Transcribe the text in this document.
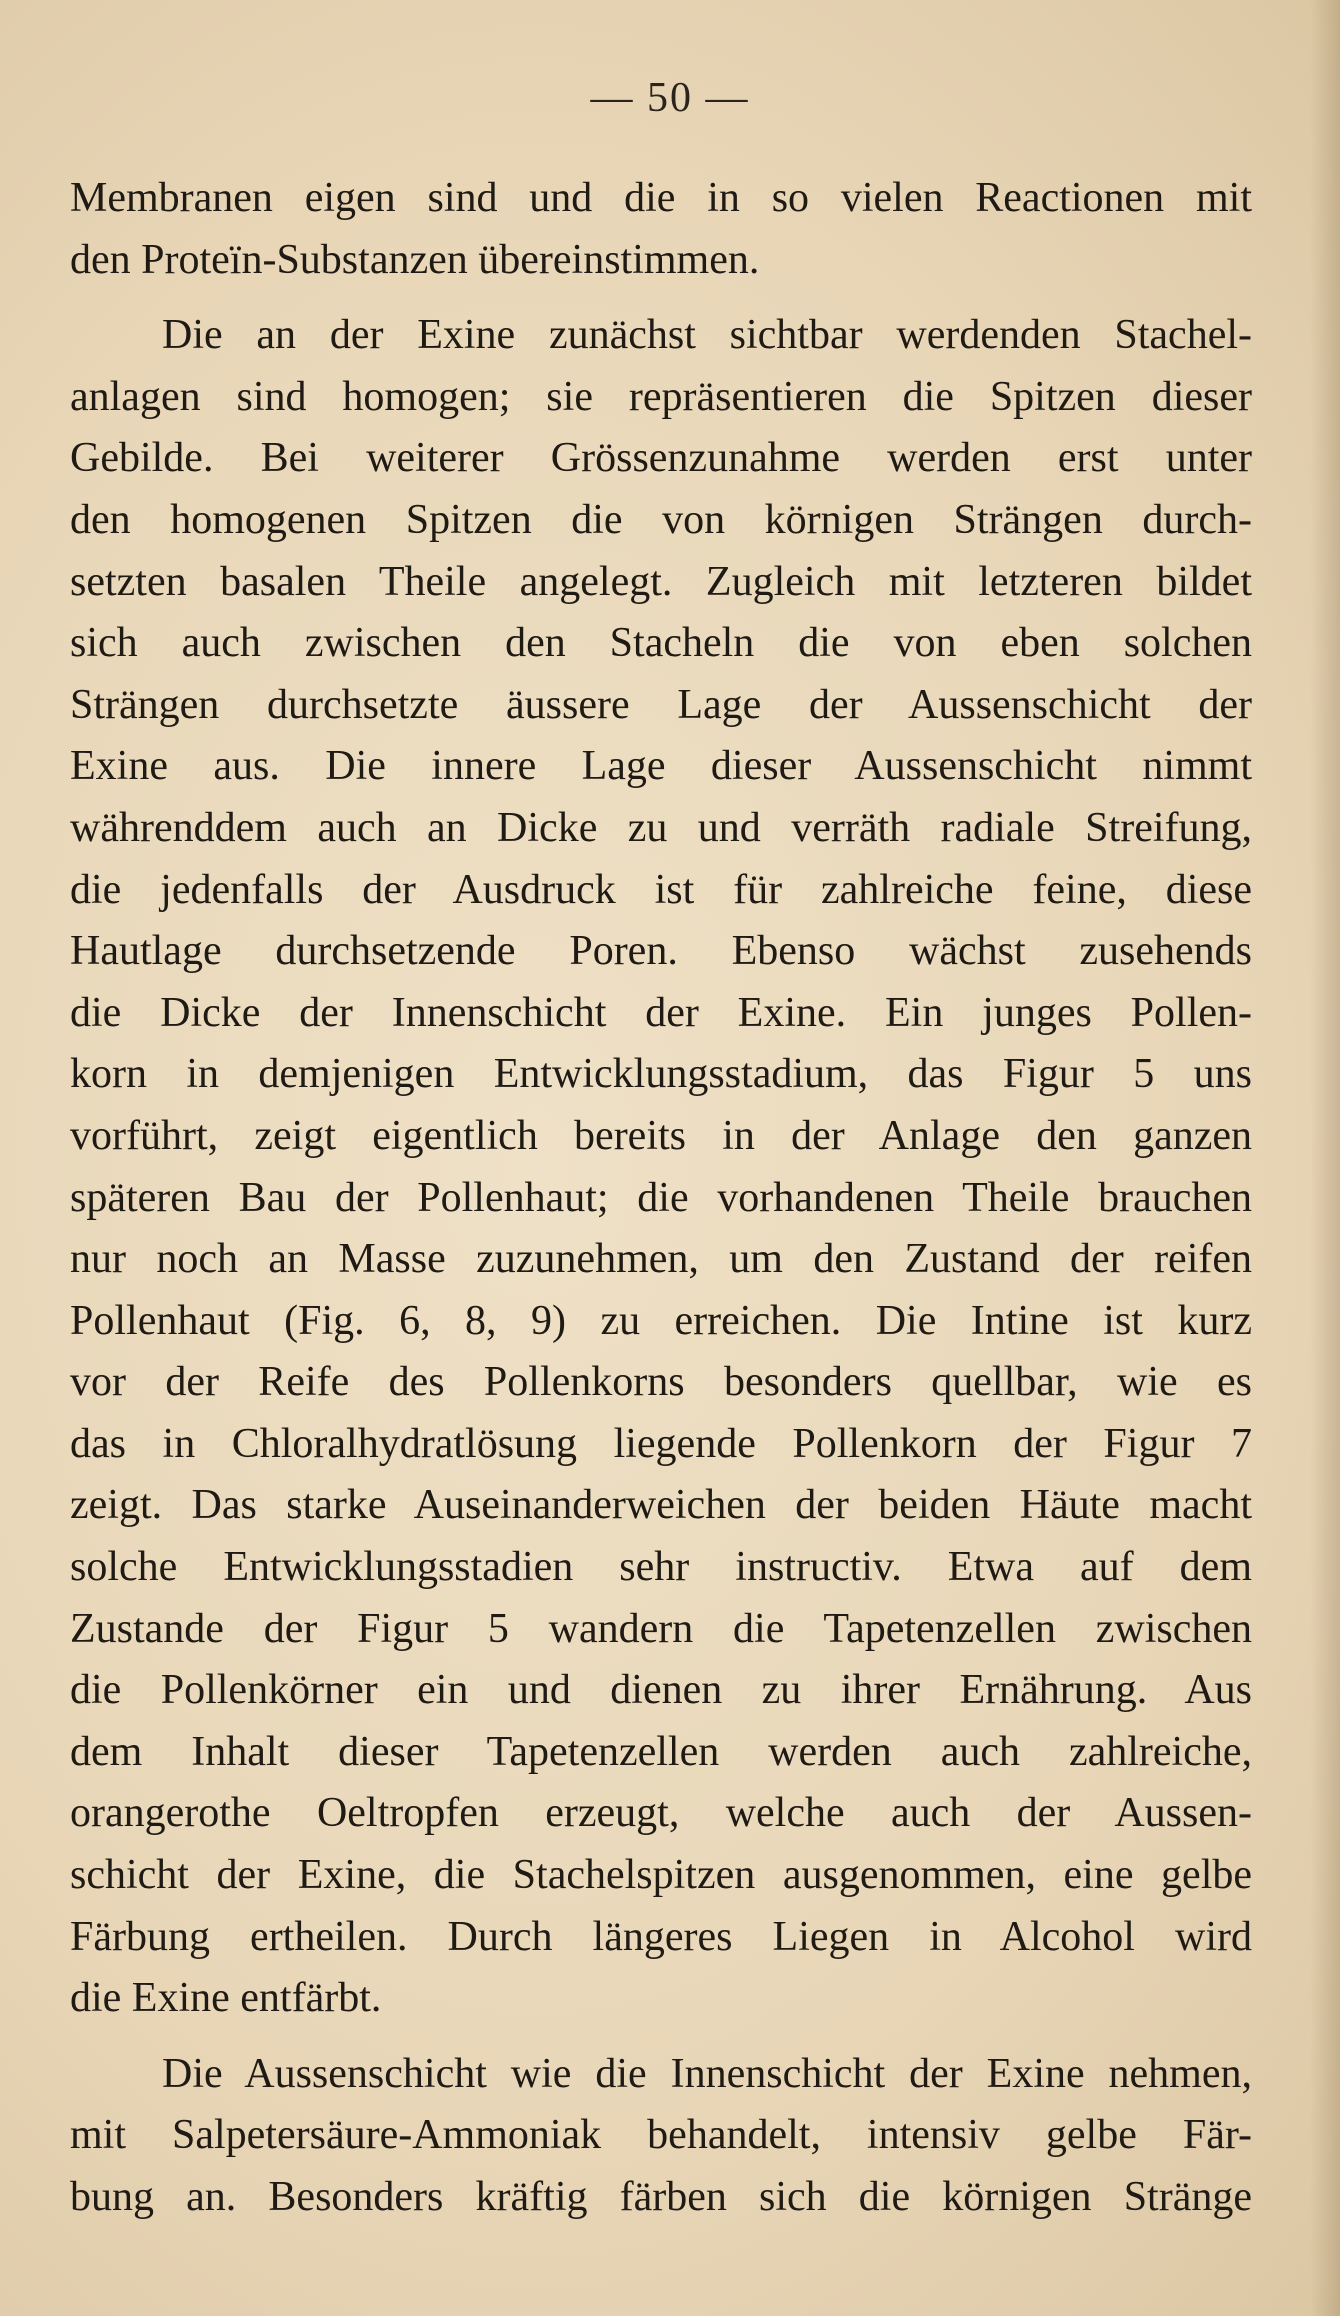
— 50 —
Membranen eigen sind und die in so vielen Reactionen mit
den Proteïn-Substanzen übereinstimmen.
Die an der Exine zunächst sichtbar werdenden Stachel-
anlagen sind homogen; sie repräsentieren die Spitzen dieser
Gebilde. Bei weiterer Grössenzunahme werden erst unter
den homogenen Spitzen die von körnigen Strängen durch-
setzten basalen Theile angelegt. Zugleich mit letzteren bildet
sich auch zwischen den Stacheln die von eben solchen
Strängen durchsetzte äussere Lage der Aussenschicht der
Exine aus. Die innere Lage dieser Aussenschicht nimmt
währenddem auch an Dicke zu und verräth radiale Streifung,
die jedenfalls der Ausdruck ist für zahlreiche feine, diese
Hautlage durchsetzende Poren. Ebenso wächst zusehends
die Dicke der Innenschicht der Exine. Ein junges Pollen-
korn in demjenigen Entwicklungsstadium, das Figur 5 uns
vorführt, zeigt eigentlich bereits in der Anlage den ganzen
späteren Bau der Pollenhaut; die vorhandenen Theile brauchen
nur noch an Masse zuzunehmen, um den Zustand der reifen
Pollenhaut (Fig. 6, 8, 9) zu erreichen. Die Intine ist kurz
vor der Reife des Pollenkorns besonders quellbar, wie es
das in Chloralhydratlösung liegende Pollenkorn der Figur 7
zeigt. Das starke Auseinanderweichen der beiden Häute macht
solche Entwicklungsstadien sehr instructiv. Etwa auf dem
Zustande der Figur 5 wandern die Tapetenzellen zwischen
die Pollenkörner ein und dienen zu ihrer Ernährung. Aus
dem Inhalt dieser Tapetenzellen werden auch zahlreiche,
orangerothe Oeltropfen erzeugt, welche auch der Aussen-
schicht der Exine, die Stachelspitzen ausgenommen, eine gelbe
Färbung ertheilen. Durch längeres Liegen in Alcohol wird
die Exine entfärbt.
Die Aussenschicht wie die Innenschicht der Exine nehmen,
mit Salpetersäure-Ammoniak behandelt, intensiv gelbe Fär-
bung an. Besonders kräftig färben sich die körnigen Stränge
